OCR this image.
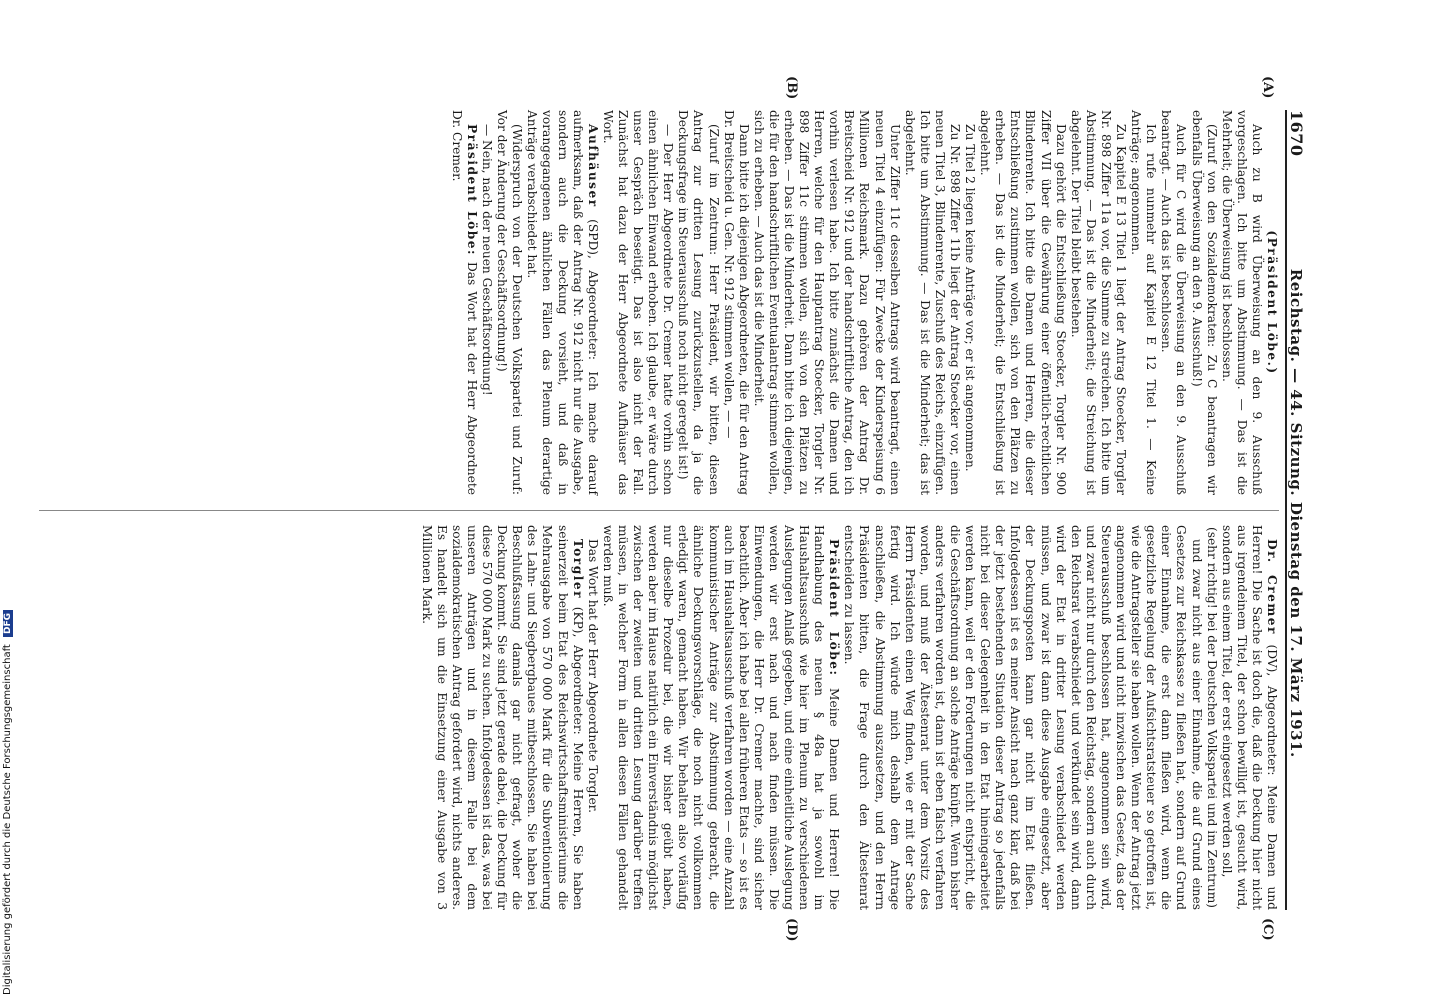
1670
Reichstag. — 44. Sitzung. Dienstag den 17. März 1931.

(Präsident Löbe.)

Auch zu B wird Überweisung an den 9. Ausschuß vorgeschlagen. Ich bitte um Abstimmung. — Das ist die Mehrheit; die Überweisung ist beschlossen.

(Zuruf von den Sozialdemokraten: Zu C beantragen wir ebenfalls Überweisung an den 9. Ausschuß!)

Auch für C wird die Überweisung an den 9. Ausschuß beantragt. — Auch das ist beschlossen.

Ich rufe nunmehr auf Kapitel E 12 Titel 1. — Keine Anträge; angenommen.

Zu Kapitel E 13 Titel 1 liegt der Antrag Stoecker, Torgler Nr. 898 Ziffer 11a vor, die Summe zu streichen. Ich bitte um Abstimmung. — Das ist die Minderheit; die Streichung ist abgelehnt. Der Titel bleibt bestehen.

Dazu gehört die Entschließung Stoecker, Torgler Nr. 900 Ziffer VII über die Gewährung einer öffentlich-rechtlichen Blindenrente. Ich bitte die Damen und Herren, die dieser Entschließung zustimmen wollen, sich von den Plätzen zu erheben. — Das ist die Minderheit; die Entschließung ist abgelehnt.

Zu Titel 2 liegen keine Anträge vor; er ist angenommen.

Zu Nr. 898 Ziffer 11b liegt der Antrag Stoecker vor, einen neuen Titel 3, Blindenrente, Zuschuß des Reichs, einzufügen. Ich bitte um Abstimmung. — Das ist die Minderheit; das ist abgelehnt.

Unter Ziffer 11c desselben Antrags wird beantragt, einen neuen Titel 4 einzufügen: Für Zwecke der Kinderspeisung 6 Millionen Reichsmark. Dazu gehören der Antrag Dr. Breitscheid Nr. 912 und der handschriftliche Antrag, den ich vorhin verlesen habe. Ich bitte zunächst die Damen und Herren, welche für den Hauptantrag Stoecker, Torgler Nr. 898 Ziffer 11c stimmen wollen, sich von den Plätzen zu erheben. — Das ist die Minderheit. Dann bitte ich diejenigen, die für den handschriftlichen Eventualantrag stimmen wollen, sich zu erheben. — Auch das ist die Minderheit.

Dann bitte ich diejenigen Abgeordneten, die für den Antrag Dr. Breitscheid u. Gen. Nr. 912 stimmen wollen, — —

(Zuruf im Zentrum: Herr Präsident, wir bitten, diesen Antrag zur dritten Lesung zurückzustellen, da ja die Deckungsfrage im Steuerausschuß noch nicht geregelt ist!)

— Der Herr Abgeordnete Dr. Cremer hatte vorhin schon einen ähnlichen Einwand erhoben. Ich glaube, er wäre durch unser Gespräch beseitigt. Das ist also nicht der Fall. Zunächst hat dazu der Herr Abgeordnete Aufhäuser das Wort.

Aufhäuser (SPD), Abgeordneter: Ich mache darauf aufmerksam, daß der Antrag Nr. 912 nicht nur die Ausgabe, sondern auch die Deckung vorsieht, und daß in vorangegangenen ähnlichen Fällen das Plenum derartige Anträge verabschiedet hat.

(Widerspruch von der Deutschen Volkspartei und Zuruf: Vor der Änderung der Geschäftsordnung!)

— Nein, nach der neuen Geschäftsordnung!

Präsident Löbe: Das Wort hat der Herr Abgeordnete Dr. Cremer.

Dr. Cremer (DV), Abgeordneter: Meine Damen und Herren! Die Sache ist doch die, daß die Deckung hier nicht aus irgendeinem Titel, der schon bewilligt ist, gesucht wird, sondern aus einem Titel, der erst eingesetzt werden soll,

(sehr richtig! bei der Deutschen Volkspartei und im Zentrum)

und zwar nicht aus einer Einnahme, die auf Grund eines Gesetzes zur Reichskasse zu fließen hat, sondern auf Grund einer Einnahme, die erst dann fließen wird, wenn die gesetzliche Regelung der Aufsichtsratsteuer so getroffen ist, wie die Antragsteller sie haben wollen. Wenn der Antrag jetzt angenommen wird und nicht inzwischen das Gesetz, das der Steuerausschuß beschlossen hat, angenommen sein wird, und zwar nicht nur durch den Reichstag, sondern auch durch den Reichsrat verabschiedet und verkündet sein wird, dann wird der Etat in dritter Lesung verabschiedet werden müssen, und zwar ist dann diese Ausgabe eingesetzt, aber der Deckungsposten kann gar nicht im Etat fließen. Infolgedessen ist es meiner Ansicht nach ganz klar, daß bei der jetzt bestehenden Situation dieser Antrag so jedenfalls nicht bei dieser Gelegenheit in den Etat hineingearbeitet werden kann, weil er den Forderungen nicht entspricht, die die Geschäftsordnung an solche Anträge knüpft. Wenn bisher anders verfahren worden ist, dann ist eben falsch verfahren worden, und muß der Ältestenrat unter dem Vorsitz des Herrn Präsidenten einen Weg finden, wie er mit der Sache fertig wird. Ich würde mich deshalb dem Antrage anschließen, die Abstimmung auszusetzen, und den Herrn Präsidenten bitten, die Frage durch den Ältestenrat entscheiden zu lassen.

Präsident Löbe: Meine Damen und Herren! Die Handhabung des neuen § 48a hat ja sowohl im Haushaltsausschuß wie hier im Plenum zu verschiedenen Auslegungen Anlaß gegeben, und eine einheitliche Auslegung werden wir erst nach und nach finden müssen. Die Einwendungen, die Herr Dr. Cremer machte, sind sicher beachtlich. Aber ich habe bei allen früheren Etats — so ist es auch im Haushaltsausschuß verfahren worden — eine Anzahl kommunistischer Anträge zur Abstimmung gebracht, die ähnliche Deckungsvorschläge, die noch nicht vollkommen erledigt waren, gemacht haben. Wir behalten also vorläufig nur dieselbe Prozedur bei, die wir bisher geübt haben, werden aber im Hause natürlich ein Einverständnis möglichst zwischen der zweiten und dritten Lesung darüber treffen müssen, in welcher Form in allen diesen Fällen gehandelt werden muß.

Das Wort hat der Herr Abgeordnete Torgler.

Torgler (KP), Abgeordneter: Meine Herren, Sie haben seinerzeit beim Etat des Reichswirtschaftsministeriums die Mehrausgabe von 570 000 Mark für die Subventionierung des Lahn- und Siegbergbaues mitbeschlossen. Sie haben bei Beschlußfassung damals gar nicht gefragt, woher die Deckung kommt. Sie sind jetzt gerade dabei, die Deckung für diese 570 000 Mark zu suchen. Infolgedessen ist das, was bei unseren Anträgen und in diesem Falle bei dem sozialdemokratischen Antrag gefordert wird, nichts anderes. Es handelt sich um die Einsetzung einer Ausgabe von 3 Millionen Mark.

(A)
(B)
(C)
(D)
Digitalisierung gefördert durch die Deutsche Forschungsgemeinschaft DFG
